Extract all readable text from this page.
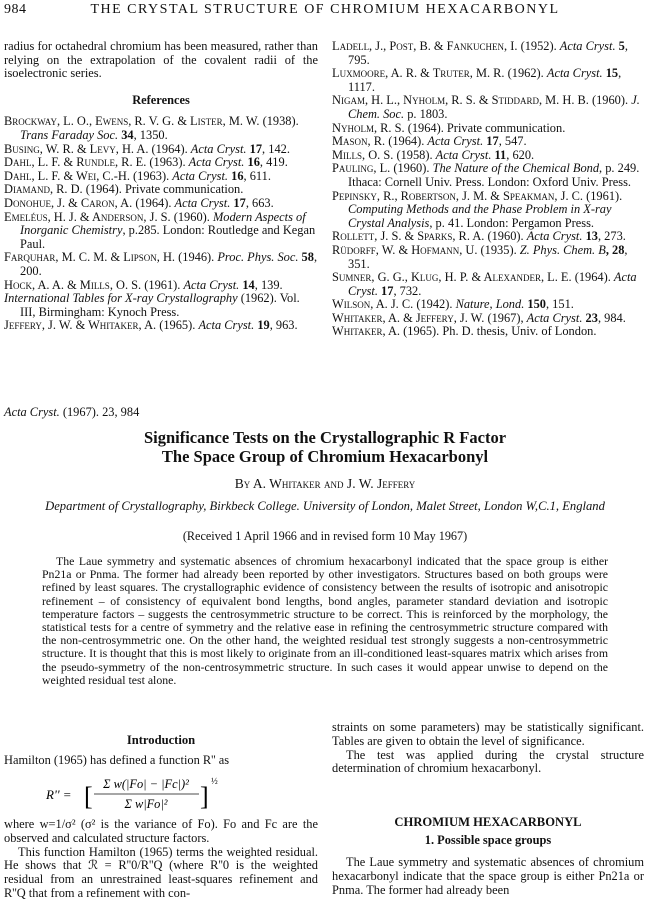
984	THE CRYSTAL STRUCTURE OF CHROMIUM HEXACARBONYL

radius for octahedral chromium has been measured, rather than relying on the extrapolation of the covalent radii of the isoelectronic series.

References

Brockway, L. O., Ewens, R. V. G. & Lister, M. W. (1938). Trans Faraday Soc. 34, 1350.

Busing, W. R. & Levy, H. A. (1964). Acta Cryst. 17, 142.

Dahl, L. F. & Rundle, R. E. (1963). Acta Cryst. 16, 419.

Dahl, L. F. & Wei, C.-H. (1963). Acta Cryst. 16, 611.

Diamand, R. D. (1964). Private communication.

Donohue, J. & Caron, A. (1964). Acta Cryst. 17, 663.

Emeléus, H. J. & Anderson, J. S. (1960). Modern Aspects of Inorganic Chemistry, p.285. London: Routledge and Kegan Paul.

Farquhar, M. C. M. & Lipson, H. (1946). Proc. Phys. Soc. 58, 200.

Hock, A. A. & Mills, O. S. (1961). Acta Cryst. 14, 139.

International Tables for X-ray Crystallography (1962). Vol. III, Birmingham: Kynoch Press.

Jeffery, J. W. & Whitaker, A. (1965). Acta Cryst. 19, 963.

Ladell, J., Post, B. & Fankuchen, I. (1952). Acta Cryst. 5, 795.

Luxmoore, A. R. & Truter, M. R. (1962). Acta Cryst. 15, 1117.

Nigam, H. L., Nyholm, R. S. & Stiddard, M. H. B. (1960). J. Chem. Soc. p. 1803.

Nyholm, R. S. (1964). Private communication.

Mason, R. (1964). Acta Cryst. 17, 547.

Mills, O. S. (1958). Acta Cryst. 11, 620.

Pauling, L. (1960). The Nature of the Chemical Bond, p. 249. Ithaca: Cornell Univ. Press. London: Oxford Univ. Press.

Pepinsky, R., Robertson, J. M. & Speakman, J. C. (1961). Computing Methods and the Phase Problem in X-ray Crystal Analysis, p. 41. London: Pergamon Press.

Rollett, J. S. & Sparks, R. A. (1960). Acta Cryst. 13, 273.

Rüdorff, W. & Hofmann, U. (1935). Z. Phys. Chem. B, 28, 351.

Sumner, G. G., Klug, H. P. & Alexander, L. E. (1964). Acta Cryst. 17, 732.

Wilson, A. J. C. (1942). Nature, Lond. 150, 151.

Whitaker, A. & Jeffery, J. W. (1967), Acta Cryst. 23, 984.

Whitaker, A. (1965). Ph. D. thesis, Univ. of London.

Acta Cryst. (1967). 23, 984
Significance Tests on the Crystallographic R Factor
The Space Group of Chromium Hexacarbonyl
By A. Whitaker and J. W. Jeffery
Department of Crystallography, Birkbeck College. University of London, Malet Street, London W,C.1, England
(Received 1 April 1966 and in revised form 10 May 1967)

The Laue symmetry and systematic absences of chromium hexacarbonyl indicated that the space group is either Pn21a or Pnma. The former had already been reported by other investigators. Structures based on both groups were refined by least squares. The crystallographic evidence of consistency between the results of isotropic and anisotropic refinement – of consistency of equivalent bond lengths, bond angles, parameter standard deviation and isotropic temperature factors – suggests the centrosymmetric structure to be correct. This is reinforced by the morphology, the statistical tests for a centre of symmetry and the relative ease in refining the centrosymmetric structure compared with the non-centrosymmetric one. On the other hand, the weighted residual test strongly suggests a non-centrosymmetric structure. It is thought that this is most likely to originate from an ill-conditioned least-squares matrix which arises from the pseudo-symmetry of the non-centrosymmetric structure. In such cases it would appear unwise to depend on the weighted residual test alone.

Introduction

Hamilton (1965) has defined a function R'' as

R'' = [ Σ w(|Fo| − |Fc|)²
Σ w|Fo|² ]
½

where w=1/σ² (σ² is the variance of Fo). Fo and Fc are the observed and calculated structure factors.

This function Hamilton (1965) terms the weighted residual. He shows that ℛ = R''0/R''Q (where R''0 is the weighted residual from an unrestrained least-squares refinement and R''Q that from a refinement with con-

straints on some parameters) may be statistically significant. Tables are given to obtain the level of significance.

The test was applied during the crystal structure determination of chromium hexacarbonyl.

CHROMIUM HEXACARBONYL
1. Possible space groups

The Laue symmetry and systematic absences of chromium hexacarbonyl indicate that the space group is either Pn21a or Pnma. The former had already been
